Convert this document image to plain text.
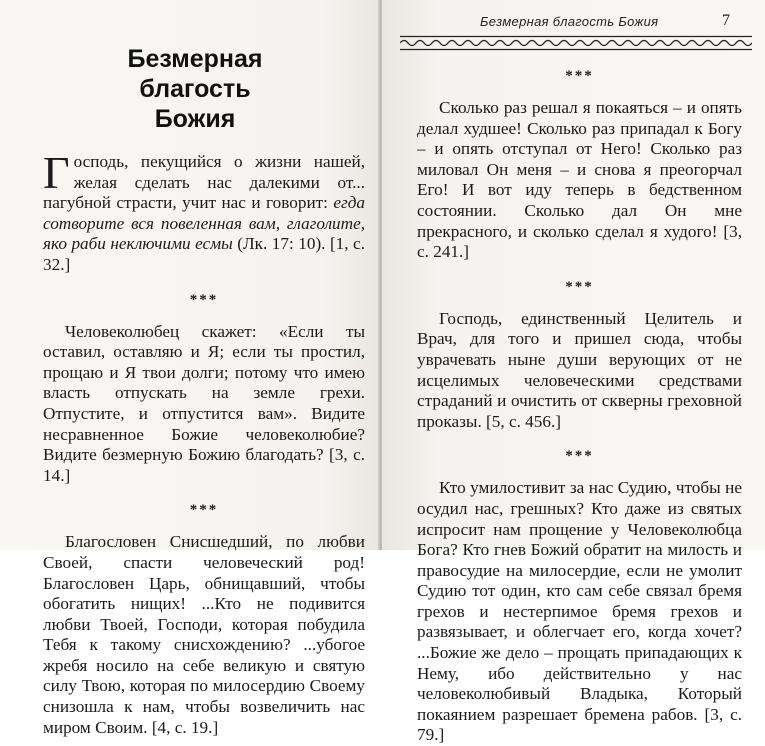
Безмерная благость
Божия

Господь, пекущийся о жизни нашей, желая сделать нас далекими от... пагубной страсти, учит нас и говорит: егда сотворите вся повеленная вам, глаголите, яко раби неключими есмы (Лк. 17: 10). [1, с. 32.]

***

Человеколюбец скажет: «Если ты оставил, оставляю и Я; если ты простил, прощаю и Я твои долги; потому что имею власть отпускать на земле грехи. Отпустите, и отпустится вам». Видите несравненное Божие человеколюбие? Видите безмерную Божию благодать? [3, с. 14.]

***

Благословен Снисшедший, по любви Своей, спасти человеческий род! Благословен Царь, обнищавший, чтобы обогатить нищих! ...Кто не подивится любви Твоей, Господи, которая побудила Тебя к такому снисхождению? ...убогое жребя носило на себе великую и святую силу Твою, которая по милосердию Своему снизошла к нам, чтобы возвеличить нас миром Своим. [4, с. 19.]

Безмерная благость Божия	7
***

Сколько раз решал я покаяться – и опять делал худшее! Сколько раз припадал к Богу – и опять отступал от Него! Сколько раз миловал Он меня – и снова я преогорчал Его! И вот иду теперь в бедственном состоянии. Сколько дал Он мне прекрасного, и сколько сделал я худого! [3, с. 241.]

***

Господь, единственный Целитель и Врач, для того и пришел сюда, чтобы уврачевать ныне души верующих от не исцелимых человеческими средствами страданий и очистить от скверны греховной проказы. [5, с. 456.]

***

Кто умилостивит за нас Судию, чтобы не осудил нас, грешных? Кто даже из святых испросит нам прощение у Человеколюбца Бога? Кто гнев Божий обратит на милость и правосудие на милосердие, если не умолит Судию тот один, кто сам себе связал бремя грехов и нестерпимое бремя грехов и развязывает, и облегчает его, когда хочет? ...Божие же дело – прощать припадающих к Нему, ибо действительно у нас человеколюбивый Владыка, Который покаянием разрешает бремена рабов. [3, с. 79.]
